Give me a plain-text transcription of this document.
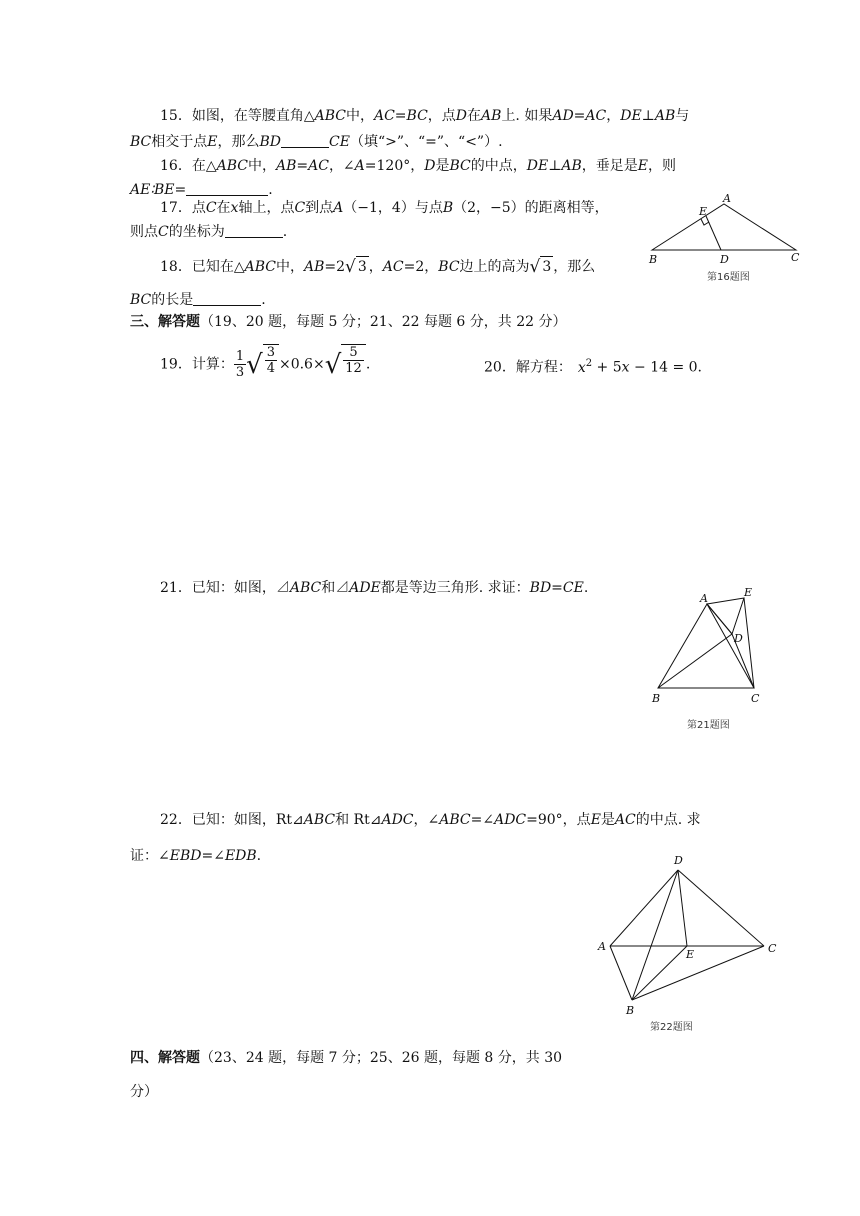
15．如图，在等腰直角△ABC中，AC=BC，点D在AB上. 如果AD=AC，DE⊥AB与
BC相交于点E，那么BD	CE（填“>”、“=”、“<”）.
16．在△ABC中，AB=AC，∠A=120°，D是BC的中点，DE⊥AB，垂足是E，则
AE∶BE=	.
17．点C在x轴上，点C到点A（−1，4）与点B（2，−5）的距离相等，
则点C的坐标为	.
18．已知在△ABC中，AB=2√ 3 ，AC=2，BC边上的高为√ 3 ，那么
BC的长是	.
三、解答题（19、20 题，每题 5 分；21、22 每题 6 分，共 22 分）
19．计算： $\frac{1}{3}$ √ $\frac{3}{4} \times 0.6\times√ \frac{5}{12}$ .	20．解方程： $x^2 + 5x - 14 = 0$.
21．已知：如图，⊿ABC和⊿ADE都是等边三角形. 求证：BD=CE.
22．已知：如图，Rt⊿ABC和 Rt⊿ADC，∠ABC=∠ADC=90°，点E是AC的中点. 求
证：∠EBD=∠EDB.
四、解答题（23、24 题，每题 7 分；25、26 题，每题 8 分，共 30
分）
A
B	C
D
E
第16题图
A	E
D
B	C
第21题图
D
A	C
E
B
第22题图
